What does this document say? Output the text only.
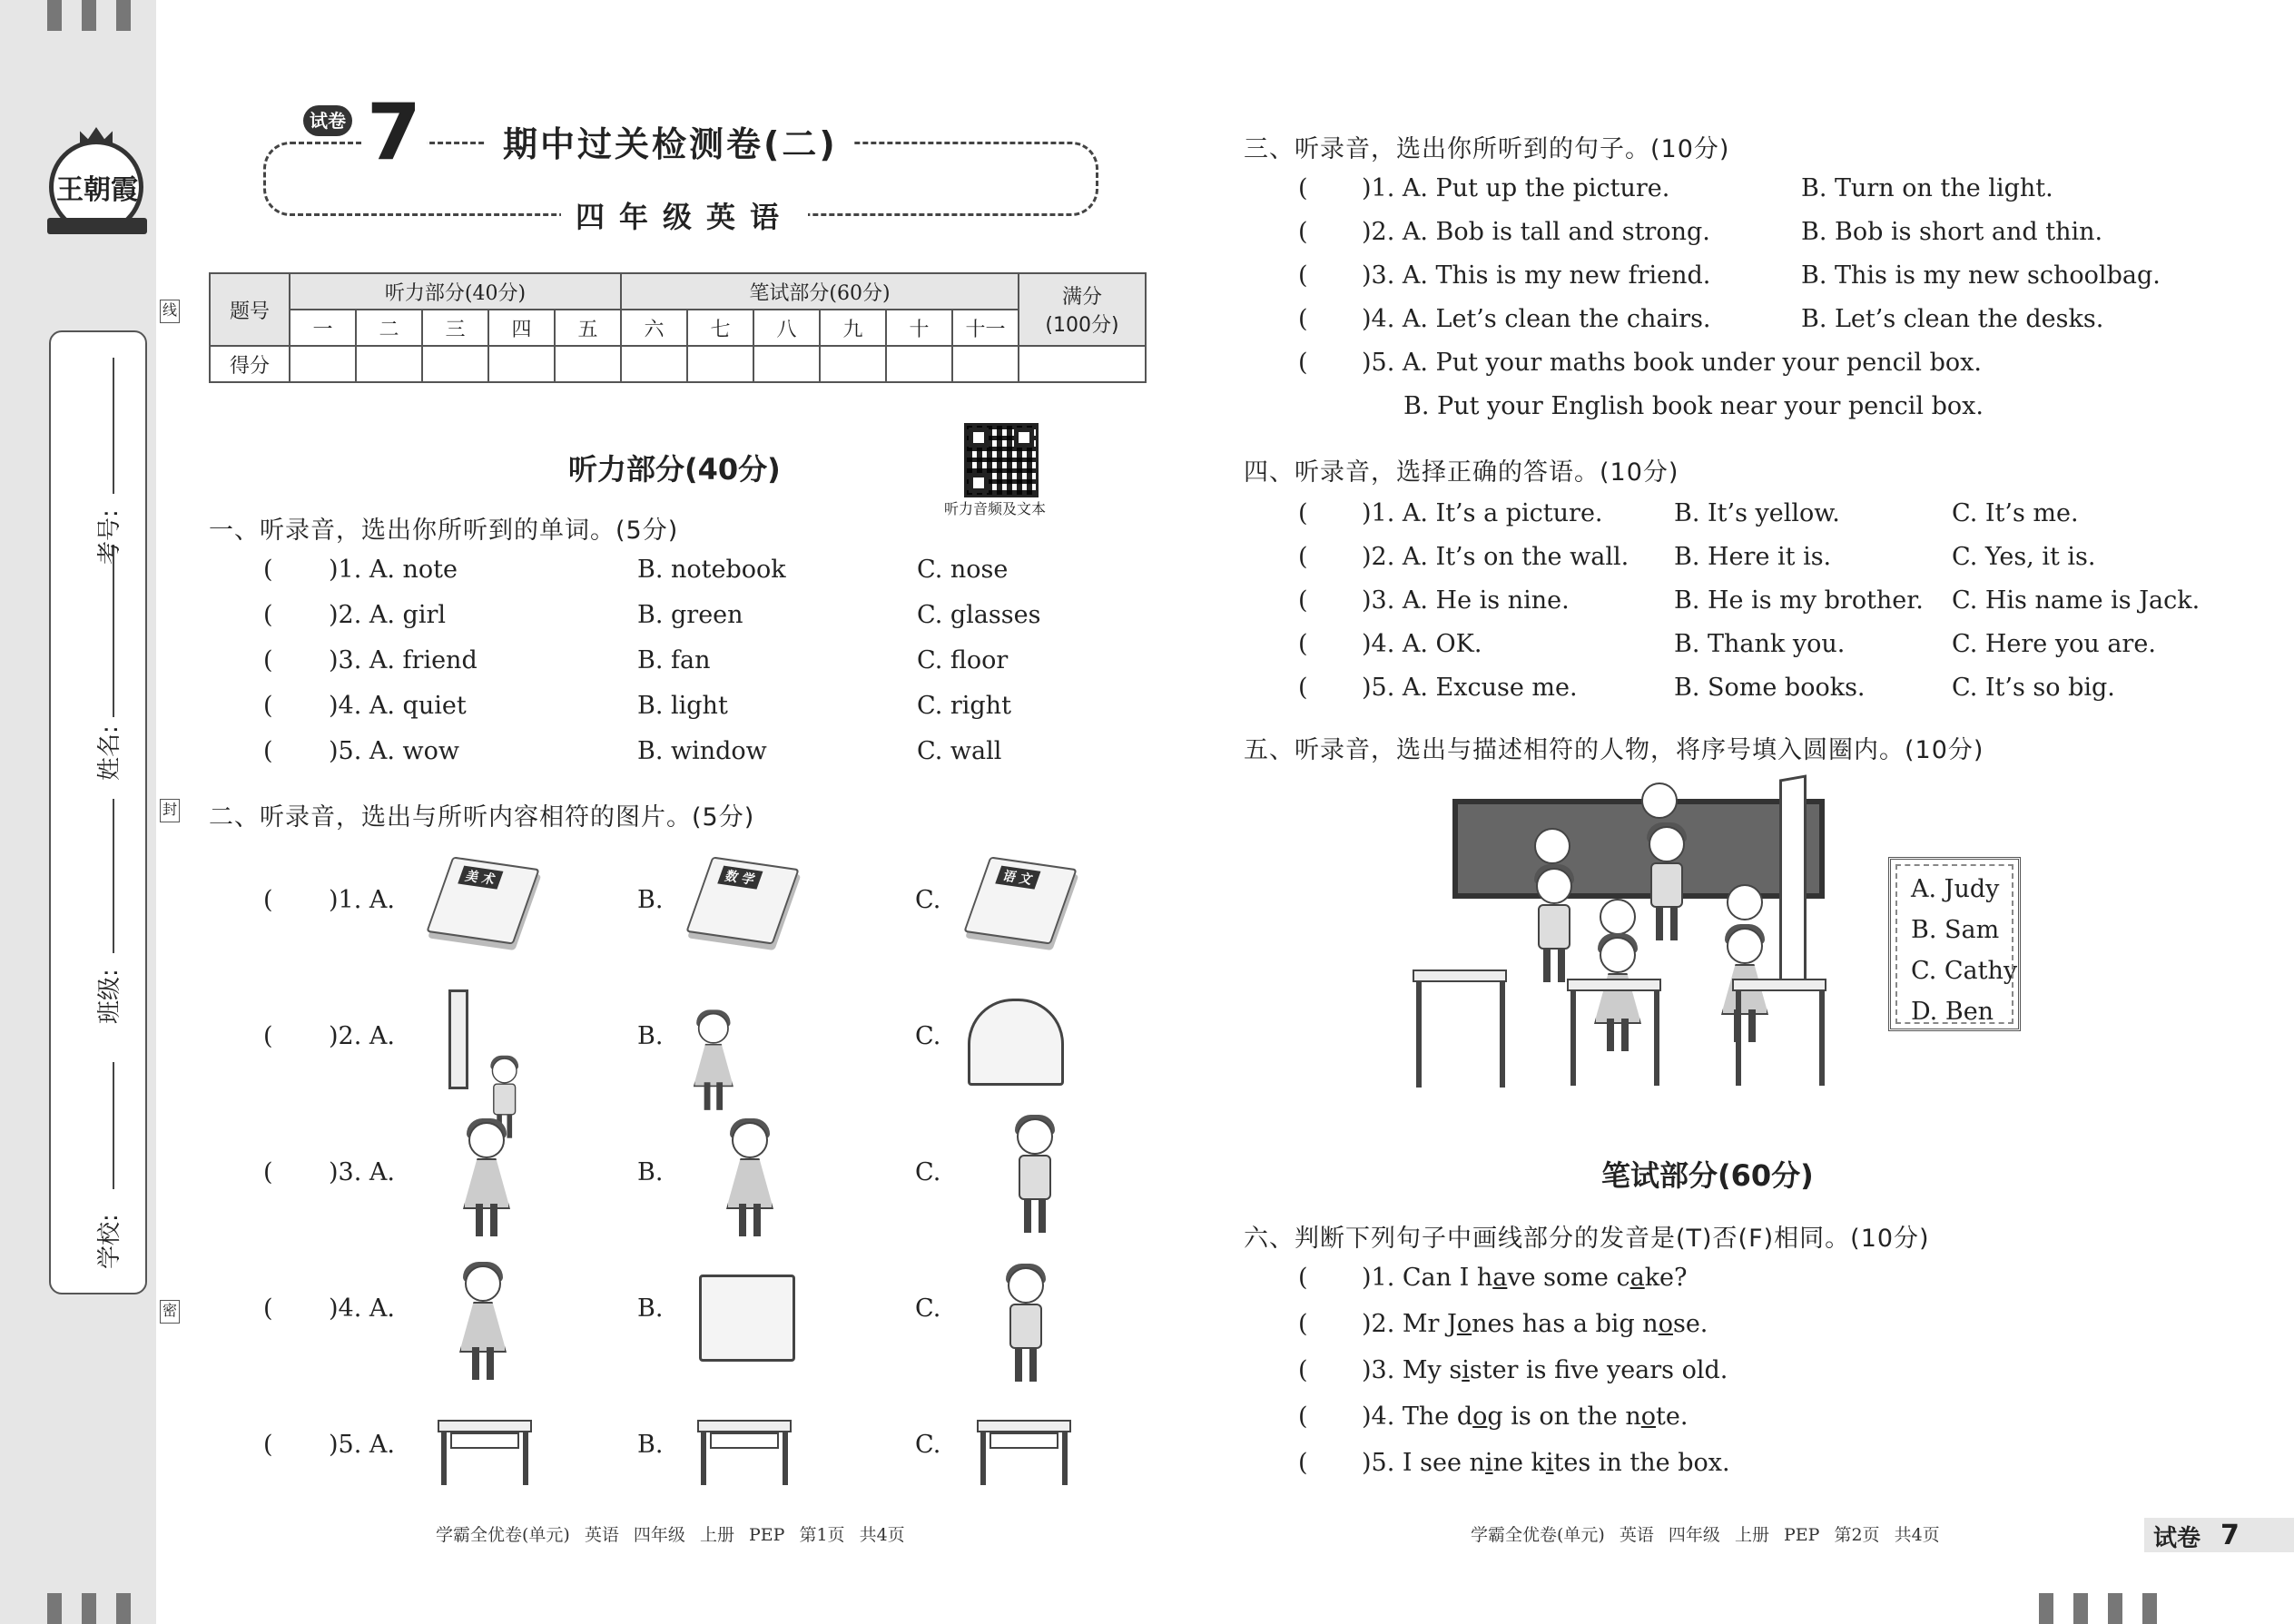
王朝霞
学校:
班级:
姓名:
考号:
线
封
密
试卷 7	期中过关检测卷(二)
四年级英语
题号	听力部分(40分)					笔试部分(60分)						满分
(100分)

	一	二	三	四	五	六	七	八	九	十	十一	
得分												
听力部分(40分)
听力音频及文本
一、听录音，选出你所听到的单词。(5分)
( )1. A. note	B. notebook	C. nose
( )2. A. girl	B. green	C. glasses
( )3. A. friend	B. fan	C. floor
( )4. A. quiet	B. light	C. right
( )5. A. wow	B. window	C. wall
二、听录音，选出与所听内容相符的图片。(5分)
( )1. A.	B.	C.
( )2. A.	B.	C.
( )3. A.	B.	C.
( )4. A.	B.	C.
( )5. A.	B.	C.
美 术	数 学	语 文
三、听录音，选出你所听到的句子。(10分)
( )1. A. Put up the picture.	B. Turn on the light.
( )2. A. Bob is tall and strong.	B. Bob is short and thin.
( )3. A. This is my new friend.	B. This is my new schoolbag.
( )4. A. Let’s clean the chairs.	B. Let’s clean the desks.
( )5. A. Put your maths book under your pencil box.
B. Put your English book near your pencil box.
四、听录音，选择正确的答语。(10分)
( )1. A. It’s a picture.	B. It’s yellow.	C. It’s me.
( )2. A. It’s on the wall. B. Here it is.	C. Yes, it is.
( )3. A. He is nine.	B. He is my brother. C. His name is Jack.
( )4. A. OK.	B. Thank you.	C. Here you are.
( )5. A. Excuse me.	B. Some books.	C. It’s so big.
五、听录音，选出与描述相符的人物，将序号填入圆圈内。(10分)
A. Judy
B. Sam
C. Cathy
D. Ben
笔试部分(60分)
六、判断下列句子中画线部分的发音是(T)否(F)相同。(10分)
( )1. Can I have some cake?
( )2. Mr Jones has a big nose.
( )3. My sister is fve years old.
( )4. The dog is on the note.
( )5. I see nine kites in the box.
学霸全优卷(单元) 英语 四年级 上册 PEP 第1页 共4页	学霸全优卷(单元) 英语 四年级 上册 PEP 第2页 共4页	试卷 7
